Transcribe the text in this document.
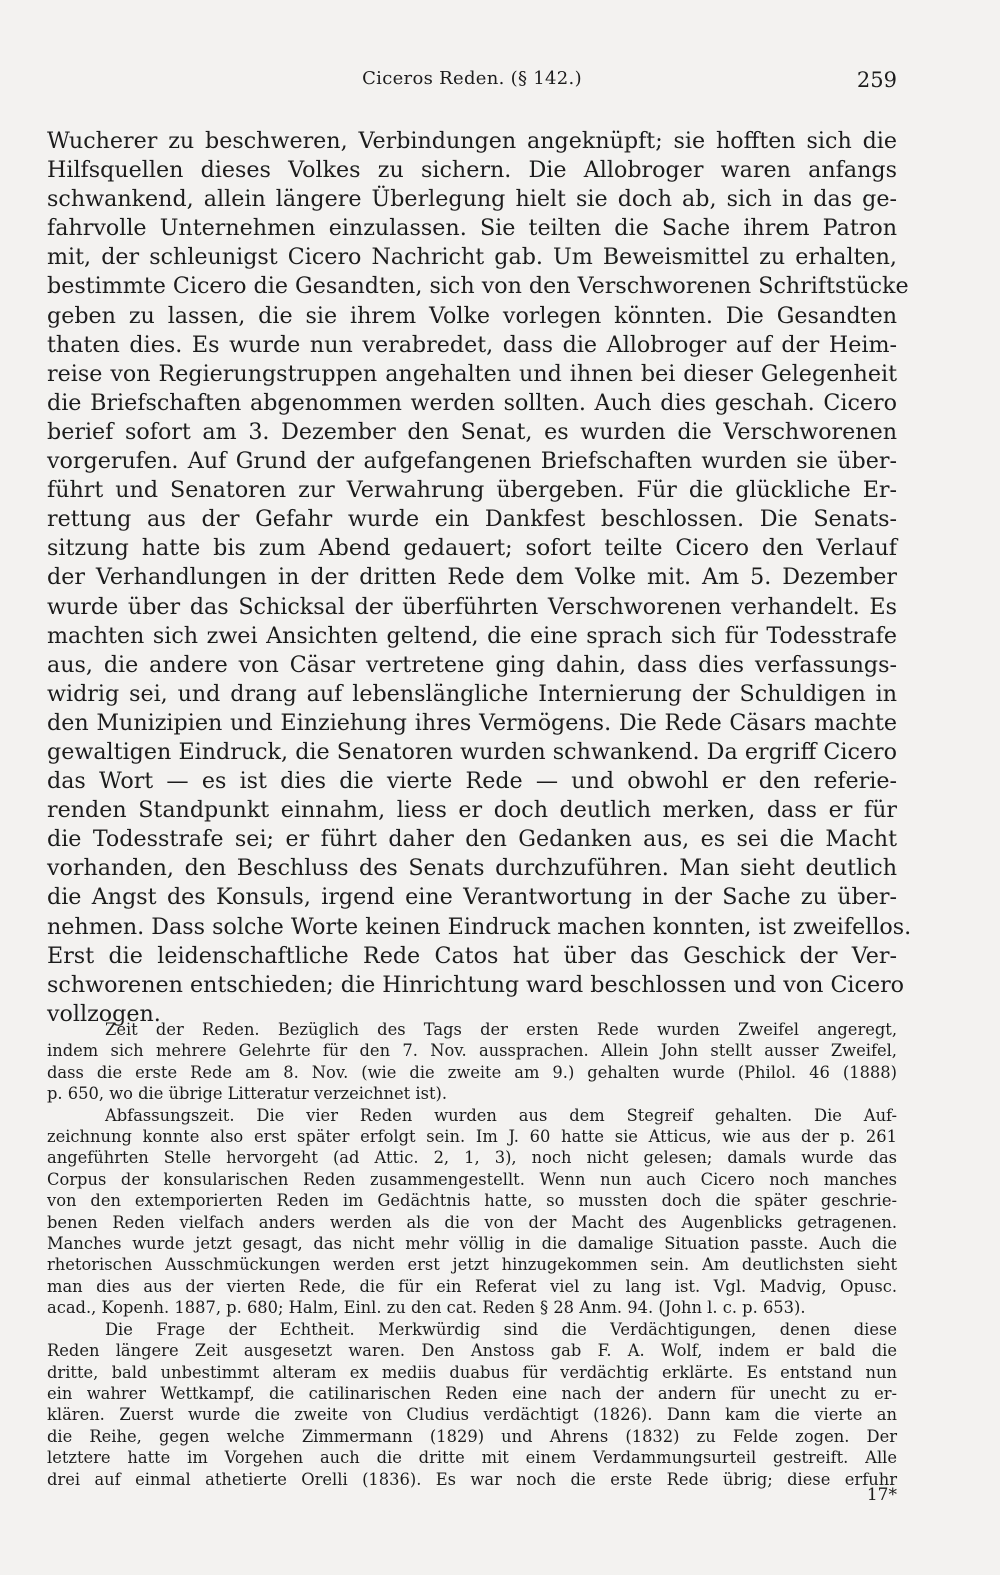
Ciceros Reden. (§ 142.)	259
Wucherer zu beschweren, Verbindungen angeknüpft; sie hofften sich die
Hilfsquellen dieses Volkes zu sichern. Die Allobroger waren anfangs
schwankend, allein längere Überlegung hielt sie doch ab, sich in das ge-
fahrvolle Unternehmen einzulassen. Sie teilten die Sache ihrem Patron
mit, der schleunigst Cicero Nachricht gab. Um Beweismittel zu erhalten,
bestimmte Cicero die Gesandten, sich von den Verschworenen Schriftstücke
geben zu lassen, die sie ihrem Volke vorlegen könnten. Die Gesandten
thaten dies. Es wurde nun verabredet, dass die Allobroger auf der Heim-
reise von Regierungstruppen angehalten und ihnen bei dieser Gelegenheit
die Briefschaften abgenommen werden sollten. Auch dies geschah. Cicero
berief sofort am 3. Dezember den Senat, es wurden die Verschworenen
vorgerufen. Auf Grund der aufgefangenen Briefschaften wurden sie über-
führt und Senatoren zur Verwahrung übergeben. Für die glückliche Er-
rettung aus der Gefahr wurde ein Dankfest beschlossen. Die Senats-
sitzung hatte bis zum Abend gedauert; sofort teilte Cicero den Verlauf
der Verhandlungen in der dritten Rede dem Volke mit. Am 5. Dezember
wurde über das Schicksal der überführten Verschworenen verhandelt. Es
machten sich zwei Ansichten geltend, die eine sprach sich für Todesstrafe
aus, die andere von Cäsar vertretene ging dahin, dass dies verfassungs-
widrig sei, und drang auf lebenslängliche Internierung der Schuldigen in
den Munizipien und Einziehung ihres Vermögens. Die Rede Cäsars machte
gewaltigen Eindruck, die Senatoren wurden schwankend. Da ergriff Cicero
das Wort — es ist dies die vierte Rede — und obwohl er den referie-
renden Standpunkt einnahm, liess er doch deutlich merken, dass er für
die Todesstrafe sei; er führt daher den Gedanken aus, es sei die Macht
vorhanden, den Beschluss des Senats durchzuführen. Man sieht deutlich
die Angst des Konsuls, irgend eine Verantwortung in der Sache zu über-
nehmen. Dass solche Worte keinen Eindruck machen konnten, ist zweifellos.
Erst die leidenschaftliche Rede Catos hat über das Geschick der Ver-
schworenen entschieden; die Hinrichtung ward beschlossen und von Cicero
vollzogen.
Zeit der Reden. Bezüglich des Tags der ersten Rede wurden Zweifel angeregt,
indem sich mehrere Gelehrte für den 7. Nov. aussprachen. Allein John stellt ausser Zweifel,
dass die erste Rede am 8. Nov. (wie die zweite am 9.) gehalten wurde (Philol. 46 (1888)
p. 650, wo die übrige Litteratur verzeichnet ist).
Abfassungszeit. Die vier Reden wurden aus dem Stegreif gehalten. Die Auf-
zeichnung konnte also erst später erfolgt sein. Im J. 60 hatte sie Atticus, wie aus der p. 261
angeführten Stelle hervorgeht (ad Attic. 2, 1, 3), noch nicht gelesen; damals wurde das
Corpus der konsularischen Reden zusammengestellt. Wenn nun auch Cicero noch manches
von den extemporierten Reden im Gedächtnis hatte, so mussten doch die später geschrie-
benen Reden vielfach anders werden als die von der Macht des Augenblicks getragenen.
Manches wurde jetzt gesagt, das nicht mehr völlig in die damalige Situation passte. Auch die
rhetorischen Ausschmückungen werden erst jetzt hinzugekommen sein. Am deutlichsten sieht
man dies aus der vierten Rede, die für ein Referat viel zu lang ist. Vgl. Madvig, Opusc.
acad., Kopenh. 1887, p. 680; Halm, Einl. zu den cat. Reden § 28 Anm. 94. (John l. c. p. 653).
Die Frage der Echtheit. Merkwürdig sind die Verdächtigungen, denen diese
Reden längere Zeit ausgesetzt waren. Den Anstoss gab F. A. Wolf, indem er bald die
dritte, bald unbestimmt alteram ex mediis duabus für verdächtig erklärte. Es entstand nun
ein wahrer Wettkampf, die catilinarischen Reden eine nach der andern für unecht zu er-
klären. Zuerst wurde die zweite von Cludius verdächtigt (1826). Dann kam die vierte an
die Reihe, gegen welche Zimmermann (1829) und Ahrens (1832) zu Felde zogen. Der
letztere hatte im Vorgehen auch die dritte mit einem Verdammungsurteil gestreift. Alle
drei auf einmal athetierte Orelli (1836). Es war noch die erste Rede übrig; diese erfuhr
17*
